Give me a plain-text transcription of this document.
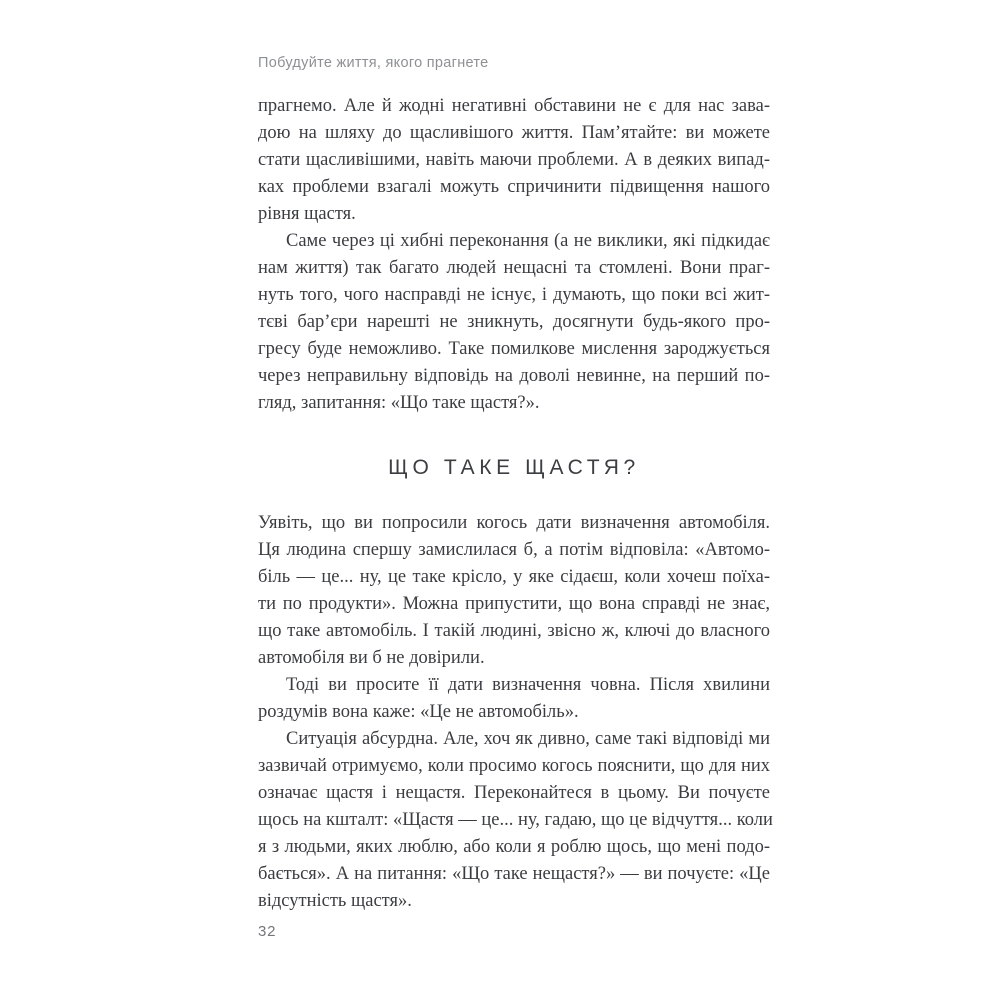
Побудуйте життя, якого прагнете

прагнемо. Але й жодні негативні обставини не є для нас зава-
дою на шляху до щасливішого життя. Пам’ятайте: ви можете
стати щасливішими, навіть маючи проблеми. А в деяких випад-
ках проблеми взагалі можуть спричинити підвищення нашого
рівня щастя.

Саме через ці хибні переконання (а не виклики, які підкидає
нам життя) так багато людей нещасні та стомлені. Вони праг-
нуть того, чого насправді не існує, і думають, що поки всі жит-
тєві бар’єри нарешті не зникнуть, досягнути будь-якого про-
гресу буде неможливо. Таке помилкове мислення зароджується
через неправильну відповідь на доволі невинне, на перший по-
гляд, запитання: «Що таке щастя?».

ЩО ТАКЕ ЩАСТЯ?

Уявіть, що ви попросили когось дати визначення автомобіля.
Ця людина спершу замислилася б, а потім відповіла: «Автомо-
біль — це... ну, це таке крісло, у яке сідаєш, коли хочеш поїха-
ти по продукти». Можна припустити, що вона справді не знає,
що таке автомобіль. І такій людині, звісно ж, ключі до власного
автомобіля ви б не довірили.

Тоді ви просите її дати визначення човна. Після хвилини
роздумів вона каже: «Це не автомобіль».

Ситуація абсурдна. Але, хоч як дивно, саме такі відповіді ми
зазвичай отримуємо, коли просимо когось пояснити, що для них
означає щастя і нещастя. Переконайтеся в цьому. Ви почуєте
щось на кшталт: «Щастя — це... ну, гадаю, що це відчуття... коли
я з людьми, яких люблю, або коли я роблю щось, що мені подо-
бається». А на питання: «Що таке нещастя?» — ви почуєте: «Це
відсутність щастя».

32
